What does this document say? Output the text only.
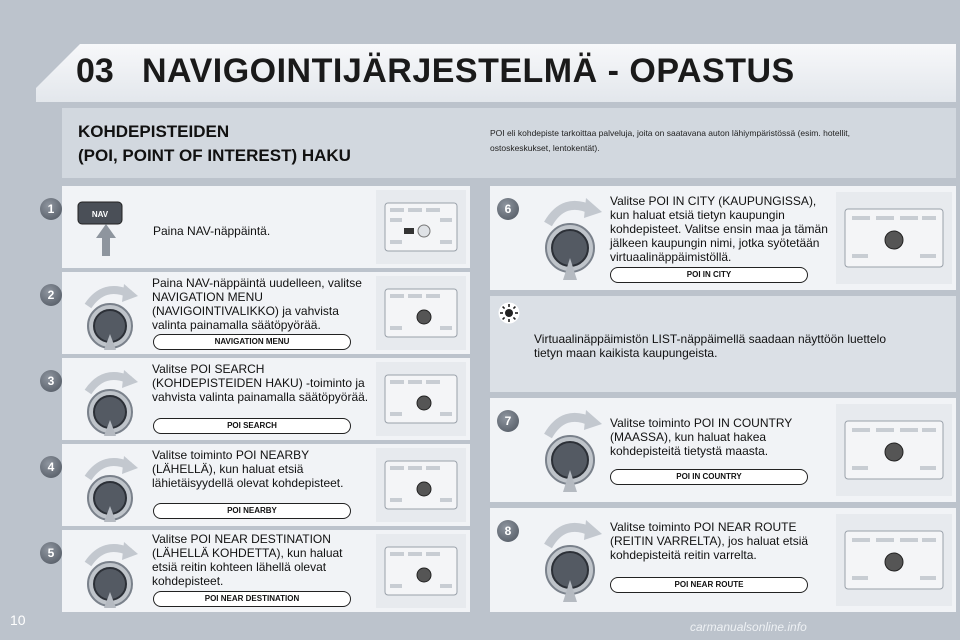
03 NAVIGOINTIJÄRJESTELMÄ - OPASTUS
KOHDEPISTEIDEN
(POI, POINT OF INTEREST) HAKU
POI eli kohdepiste tarkoittaa palveluja, joita on saatavana auton lähiympäristössä (esim. hotellit, ostoskeskukset, lentokentät).
1
2
3
4
5
6
7
8
NAV
Paina NAV-näppäintä.
Paina NAV-näppäintä uudelleen, valitse NAVIGATION MENU (NAVIGOINTIVALIKKO) ja vahvista valinta painamalla säätöpyörää.
Valitse POI SEARCH (KOHDEPISTEIDEN HAKU) -toiminto ja vahvista valinta painamalla säätöpyörää.
Valitse toiminto POI NEARBY (LÄHELLÄ), kun haluat etsiä lähietäisyydellä olevat kohdepisteet.
Valitse POI NEAR DESTINATION (LÄHELLÄ KOHDETTA), kun haluat etsiä reitin kohteen lähellä olevat kohdepisteet.
Valitse POI IN CITY (KAUPUNGISSA), kun haluat etsiä tietyn kaupungin kohdepisteet. Valitse ensin maa ja tämän jälkeen kaupungin nimi, jotka syötetään virtuaalinäppäimistöllä.
Valitse toiminto POI IN COUNTRY (MAASSA), kun haluat hakea kohdepisteitä tietystä maasta.
Valitse toiminto POI NEAR ROUTE (REITIN VARRELTA), jos haluat etsiä kohdepisteitä reitin varrelta.
NAVIGATION MENU
POI SEARCH
POI NEARBY
POI NEAR DESTINATION
POI IN CITY
POI IN COUNTRY
POI NEAR ROUTE
Virtuaalinäppäimistön LIST-näppäimellä saadaan näyttöön luettelo tietyn maan kaikista kaupungeista.
10	carmanualsonline.info
